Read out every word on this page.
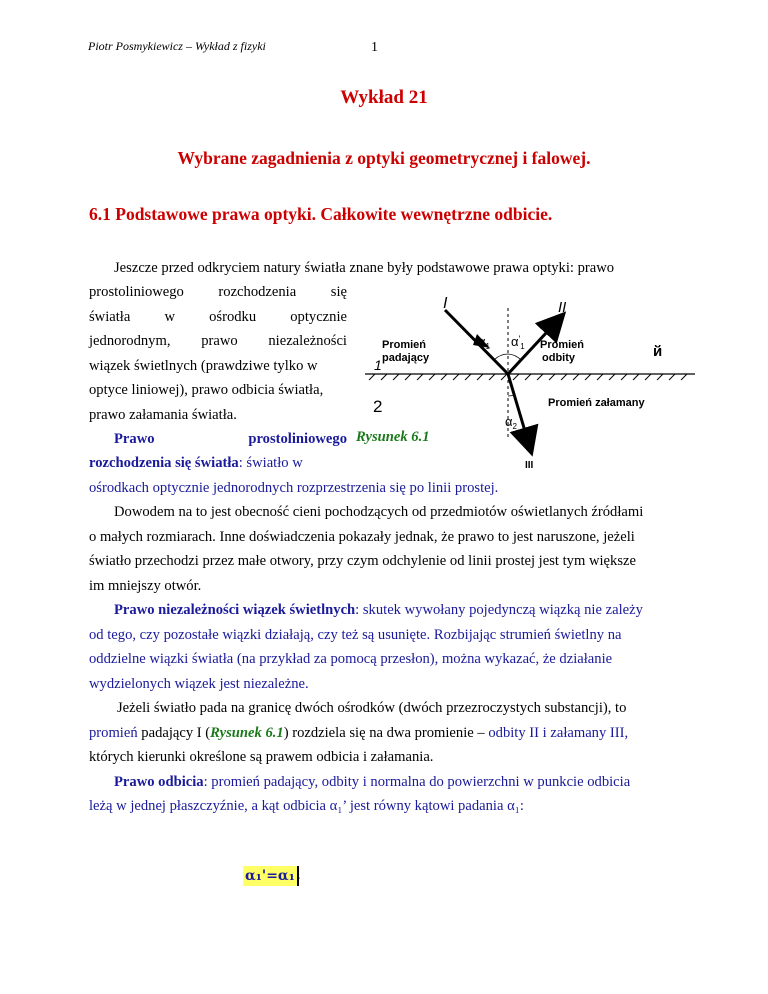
Piotr Posmykiewicz – Wykład z fizyki	1
Wykład 21
Wybrane zagadnienia z optyki geometrycznej i falowej.
6.1 Podstawowe prawa optyki. Całkowite wewnętrzne odbicie.
Jeszcze przed odkryciem natury światła znane były podstawowe prawa optyki: prawo
prostoliniowego rozchodzenia się
światła w ośrodku optycznie
jednorodnym, prawo niezależności
wiązek świetlnych (prawdziwe tylko w
optyce liniowej), prawo odbicia światła,
prawo załamania światła.
I	II
III
1
2
Promień
padający
Promień
odbity
Promień załamany
$\alpha_1$ $\alpha'_1$
$\alpha_2$
й
Rysunek 6.1
Prawo	prostoliniowego
rozchodzenia się światła: światło w
ośrodkach optycznie jednorodnych rozprzestrzenia się po linii prostej.
Dowodem na to jest obecność cieni pochodzących od przedmiotów oświetlanych źródłami
o małych rozmiarach. Inne doświadczenia pokazały jednak, że prawo to jest naruszone, jeżeli
światło przechodzi przez małe otwory, przy czym odchylenie od linii prostej jest tym większe
im mniejszy otwór.
Prawo niezależności wiązek świetlnych: skutek wywołany pojedynczą wiązką nie zależy
od tego, czy pozostałe wiązki działają, czy też są usunięte. Rozbijając strumień świetlny na
oddzielne wiązki światła (na przykład za pomocą przesłon), można wykazać, że działanie
wydzielonych wiązek jest niezależne.
Jeżeli światło pada na granicę dwóch ośrodków (dwóch przezroczystych substancji), to
promień padający I (Rysunek 6.1) rozdziela się na dwa promienie – odbity II i załamany III,
których kierunki określone są prawem odbicia i załamania.
Prawo odbicia: promień padający, odbity i normalna do powierzchni w punkcie odbicia
leżą w jednej płaszczyźnie, a kąt odbicia α₁’ jest równy kątowi padania α₁:
α₁'=α₁ .
